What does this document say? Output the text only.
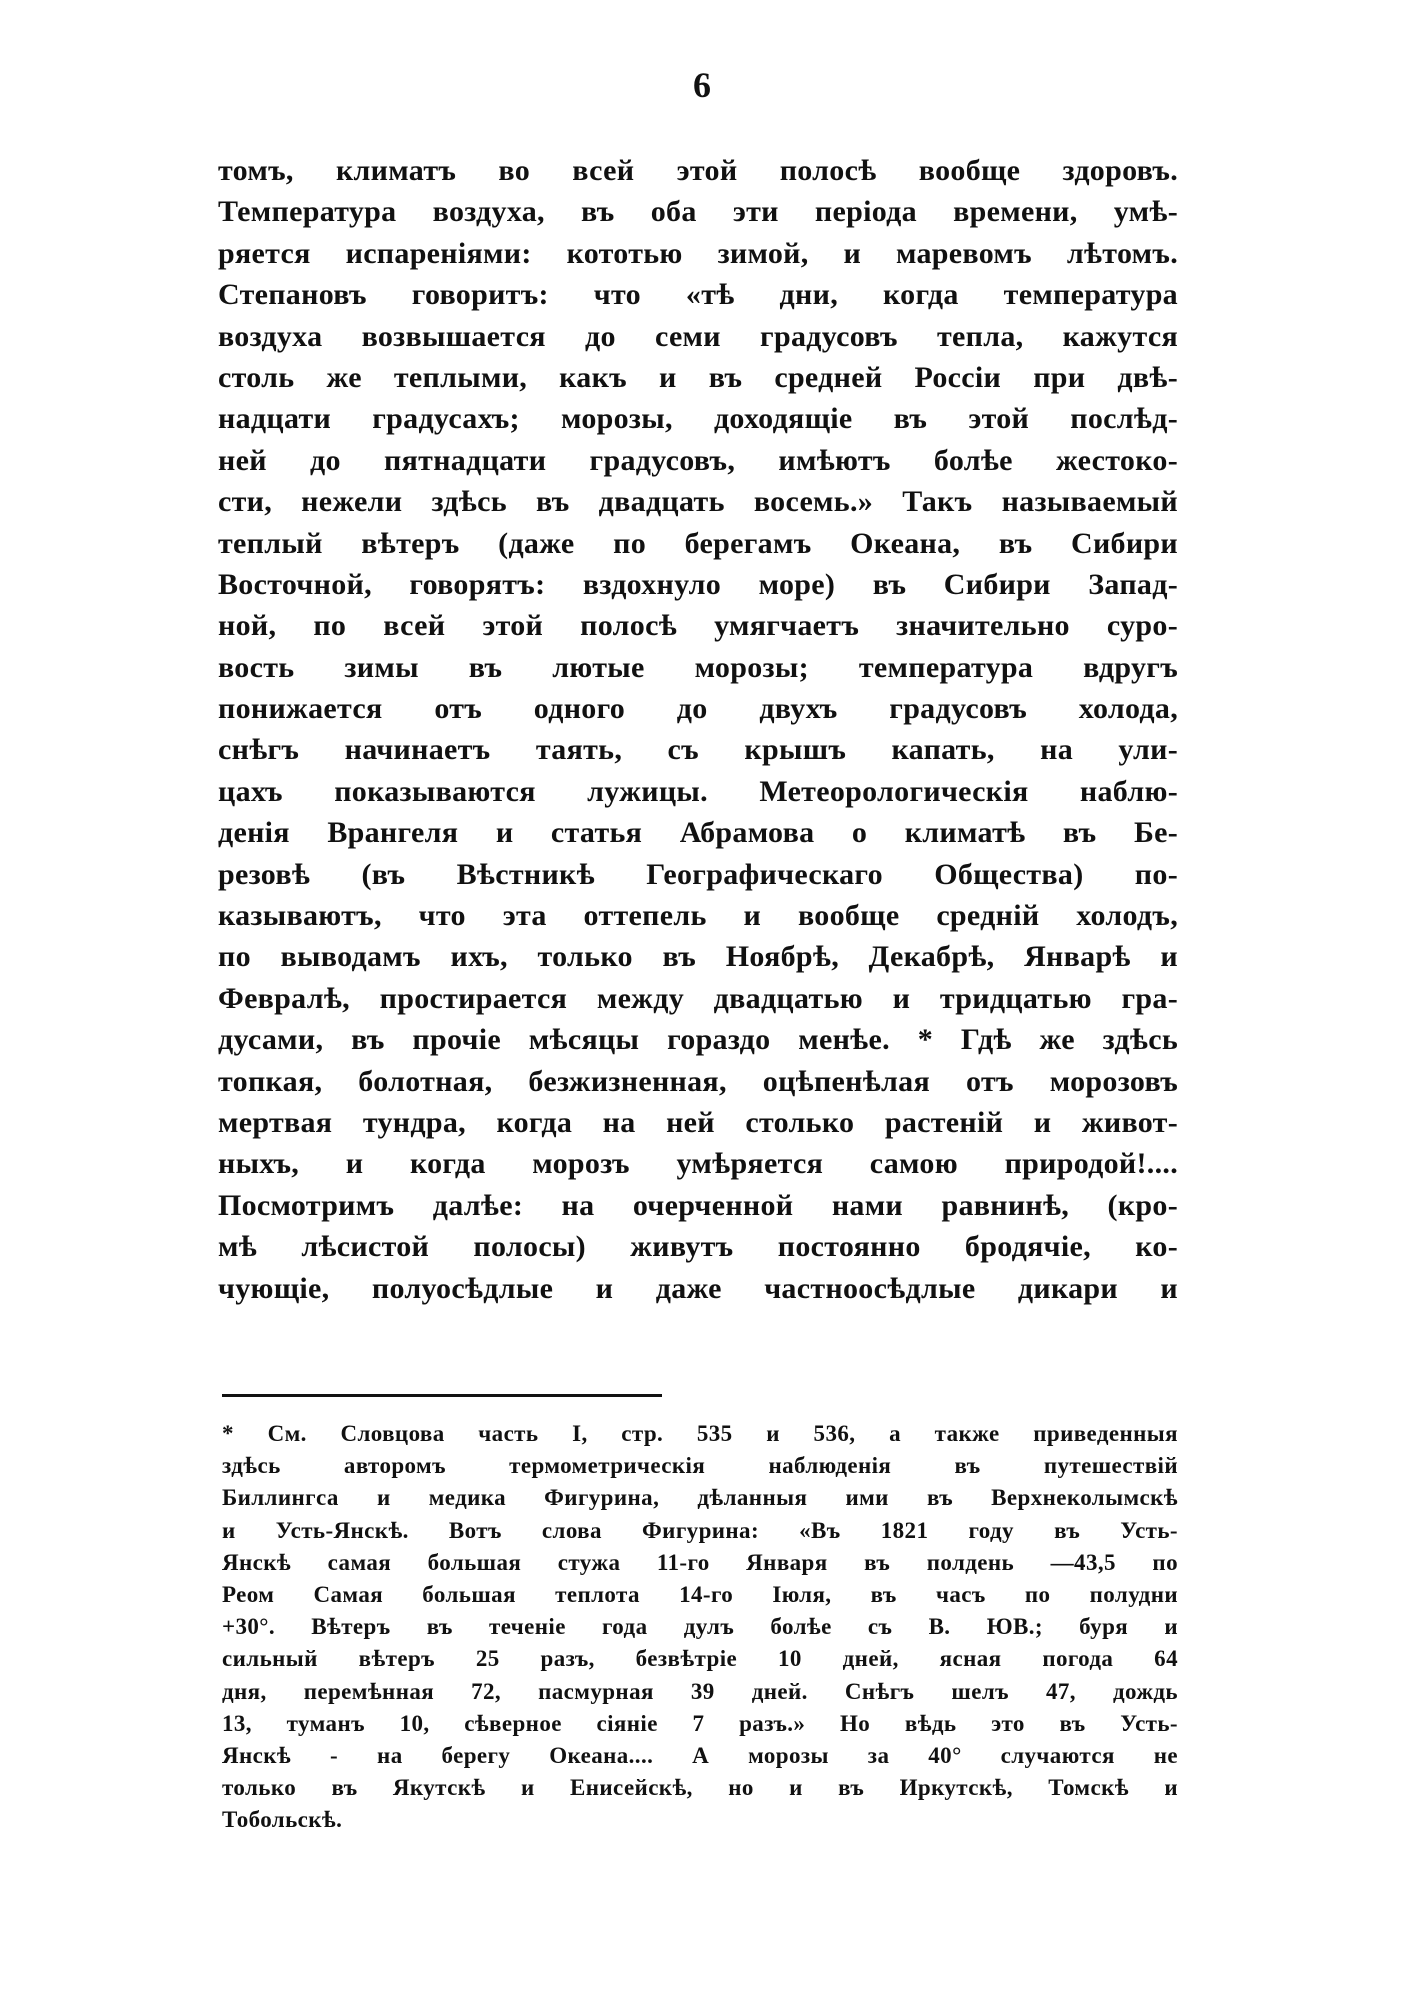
6
томъ, климатъ во всей этой полосѣ вообще здоровъ.
Температура воздуха, въ оба эти періода времени, умѣ-
ряется испареніями: кототью зимой, и маревомъ лѣтомъ.
Степановъ говоритъ: что «тѣ дни, когда температура
воздуха возвышается до семи градусовъ тепла, кажутся
столь же теплыми, какъ и въ средней Россіи при двѣ-
надцати градусахъ; морозы, доходящіе въ этой послѣд-
ней до пятнадцати градусовъ, имѣютъ болѣе жестоко-
сти, нежели здѣсь въ двадцать восемь.» Такъ называемый
теплый вѣтеръ (даже по берегамъ Океана, въ Сибири
Восточной, говорятъ: вздохнуло море) въ Сибири Запад-
ной, по всей этой полосѣ умягчаетъ значительно суро-
вость зимы въ лютые морозы; температура вдругъ
понижается отъ одного до двухъ градусовъ холода,
снѣгъ начинаетъ таять, съ крышъ капать, на ули-
цахъ показываются лужицы. Метеорологическія наблю-
денія Врангеля и статья Абрамова о климатѣ въ Бе-
резовѣ (въ Вѣстникѣ Географическаго Общества) по-
казываютъ, что эта оттепель и вообще средній холодъ,
по выводамъ ихъ, только въ Ноябрѣ, Декабрѣ, Январѣ и
Февралѣ, простирается между двадцатью и тридцатью гра-
дусами, въ прочіе мѣсяцы гораздо менѣе. * Гдѣ же здѣсь
топкая, болотная, безжизненная, оцѣпенѣлая отъ морозовъ
мертвая тундра, когда на ней столько растеній и живот-
ныхъ, и когда морозъ умѣряется самою природой!....
Посмотримъ далѣе: на очерченной нами равнинѣ, (кро-
мѣ лѣсистой полосы) живутъ постоянно бродячіе, ко-
чующіе, полуосѣдлые и даже частноосѣдлые дикари и
* См. Словцова часть I, стр. 535 и 536, а также приведенныя
здѣсь авторомъ термометрическія наблюденія въ путешествій
Биллингса и медика Фигурина, дѣланныя ими въ Верхнеколымскѣ
и Усть-Янскѣ. Вотъ слова Фигурина: «Въ 1821 году въ Усть-
Янскѣ самая большая стужа 11-го Января въ полдень —43,5 по
Реом Самая большая теплота 14-го Іюля, въ часъ по полудни
+30°. Вѣтеръ въ теченіе года дулъ болѣе съ В. ЮВ.; буря и
сильный вѣтеръ 25 разъ, безвѣтріе 10 дней, ясная погода 64
дня, перемѣнная 72, пасмурная 39 дней. Снѣгъ шелъ 47, дождь
13, туманъ 10, сѣверное сіяніе 7 разъ.» Но вѣдь это въ Усть-
Янскѣ - на берегу Океана.... А морозы за 40° случаются не
только въ Якутскѣ и Енисейскѣ, но и въ Иркутскѣ, Томскѣ и
Тобольскѣ.
